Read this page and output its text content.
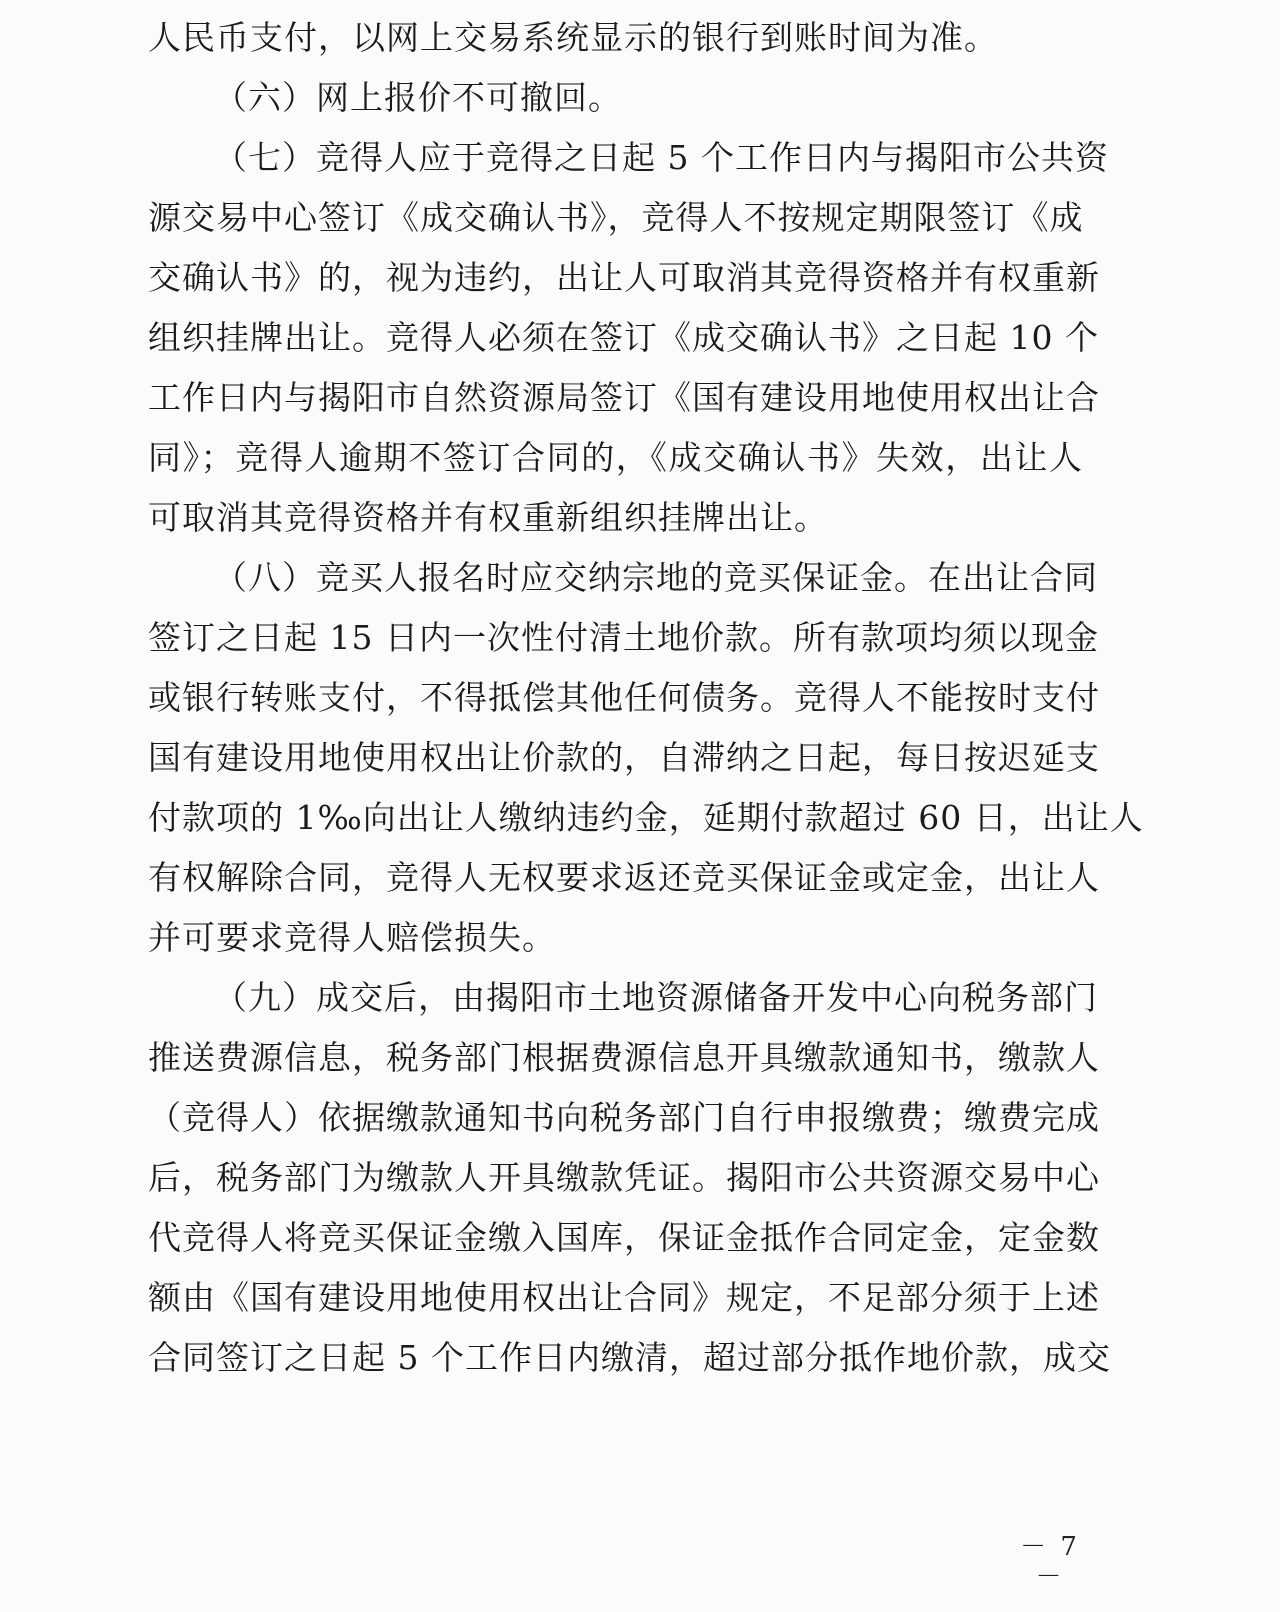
人民币支付，以网上交易系统显示的银行到账时间为准。
（六）网上报价不可撤回。
（七）竞得人应于竞得之日起 5 个工作日内与揭阳市公共资
源交易中心签订《成交确认书》，竞得人不按规定期限签订《成
交确认书》的，视为违约，出让人可取消其竞得资格并有权重新
组织挂牌出让。竞得人必须在签订《成交确认书》之日起 10 个
工作日内与揭阳市自然资源局签订《国有建设用地使用权出让合
同》；竞得人逾期不签订合同的，《成交确认书》失效，出让人
可取消其竞得资格并有权重新组织挂牌出让。
（八）竞买人报名时应交纳宗地的竞买保证金。在出让合同
签订之日起 15 日内一次性付清土地价款。所有款项均须以现金
或银行转账支付，不得抵偿其他任何债务。竞得人不能按时支付
国有建设用地使用权出让价款的，自滞纳之日起，每日按迟延支
付款项的 1‰向出让人缴纳违约金，延期付款超过 60 日，出让人
有权解除合同，竞得人无权要求返还竞买保证金或定金，出让人
并可要求竞得人赔偿损失。
（九）成交后，由揭阳市土地资源储备开发中心向税务部门
推送费源信息，税务部门根据费源信息开具缴款通知书，缴款人
（竞得人）依据缴款通知书向税务部门自行申报缴费；缴费完成
后，税务部门为缴款人开具缴款凭证。揭阳市公共资源交易中心
代竞得人将竞买保证金缴入国库，保证金抵作合同定金，定金数
额由《国有建设用地使用权出让合同》规定，不足部分须于上述
合同签订之日起 5 个工作日内缴清，超过部分抵作地价款，成交
－ 7 －
